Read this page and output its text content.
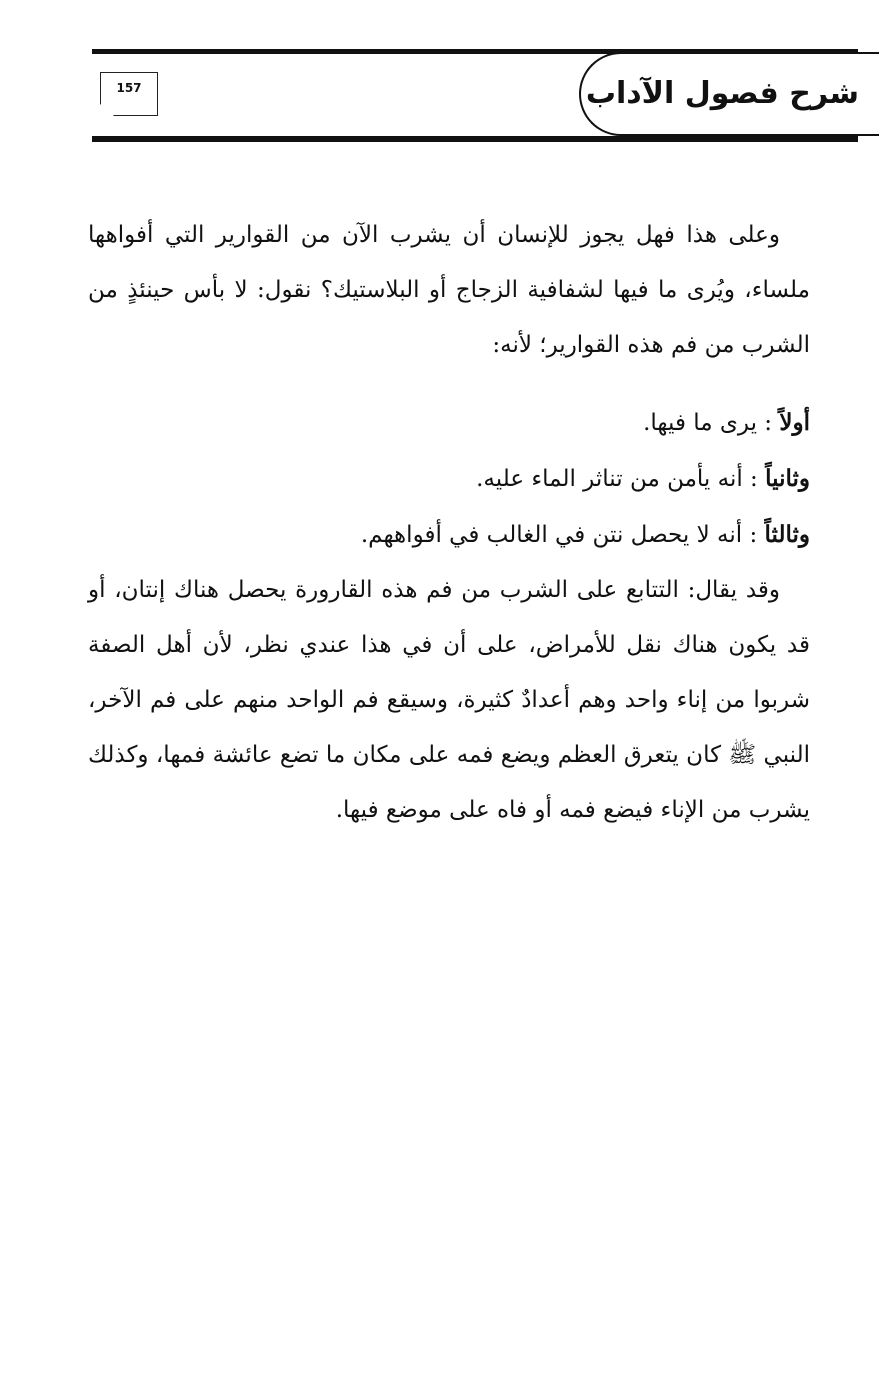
شرح فصول الآداب
157

وعلى هذا فهل يجوز للإنسان أن يشرب الآن من القوارير التي أفواهها ملساء، ويُرى ما فيها لشفافية الزجاج أو البلاستيك؟ نقول: لا بأس حينئذٍ من الشرب من فم هذه القوارير؛ لأنه:

أولاً : يرى ما فيها.
وثانياً : أنه يأمن من تناثر الماء عليه.
وثالثاً : أنه لا يحصل نتن في الغالب في أفواههم.

وقد يقال: التتابع على الشرب من فم هذه القارورة يحصل هناك إنتان، أو قد يكون هناك نقل للأمراض، على أن في هذا عندي نظر، لأن أهل الصفة شربوا من إناء واحد وهم أعدادٌ كثيرة، وسيقع فم الواحد منهم على فم الآخر، النبي ﷺ كان يتعرق العظم ويضع فمه على مكان ما تضع عائشة فمها، وكذلك يشرب من الإناء فيضع فمه أو فاه على موضع فيها.
